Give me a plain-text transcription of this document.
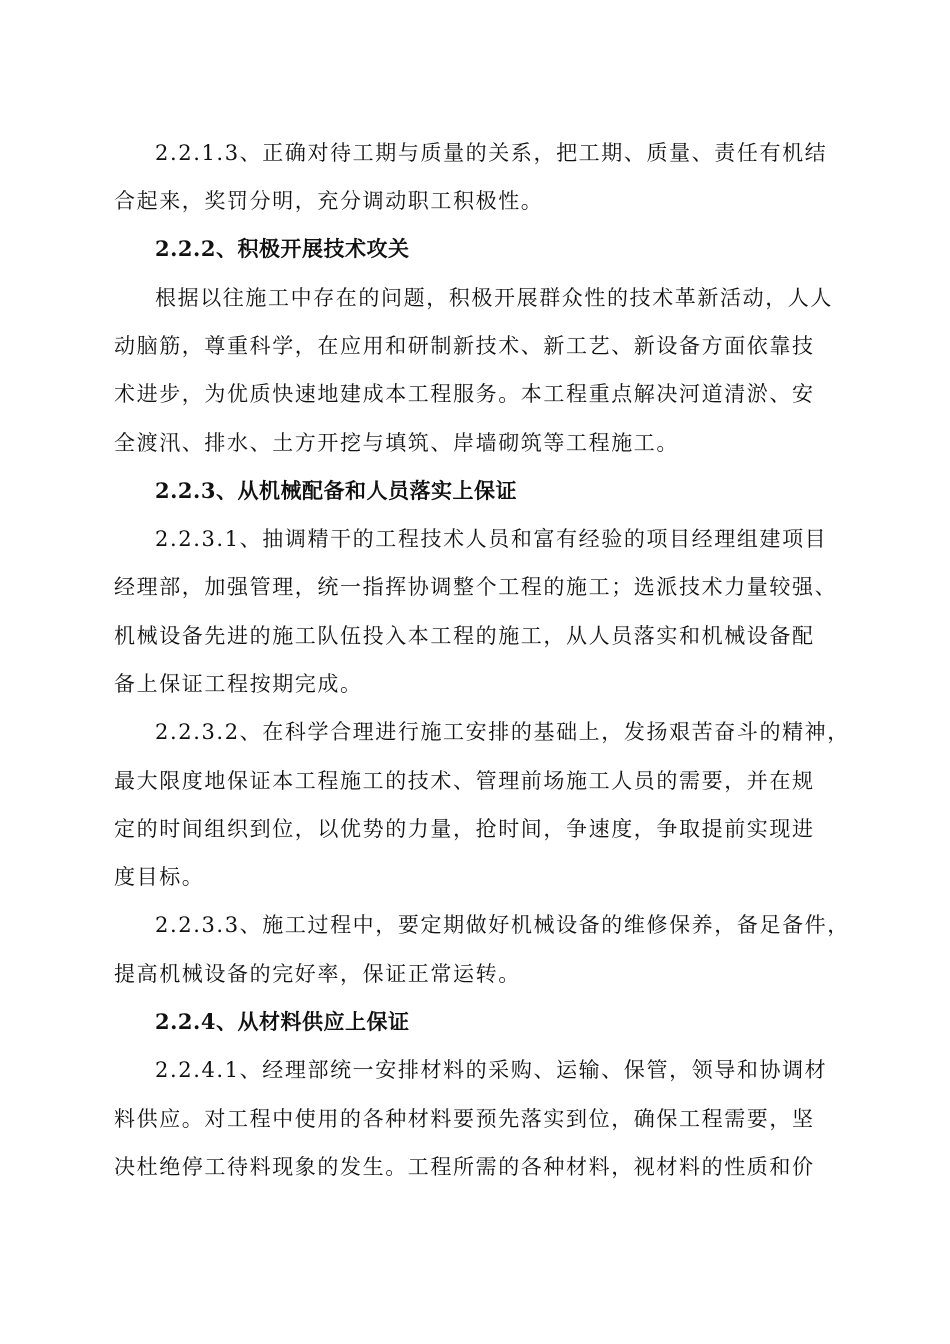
2.2.1.3、正确对待工期与质量的关系，把工期、质量、责任有机结
合起来，奖罚分明，充分调动职工积极性。
2.2.2、积极开展技术攻关
根据以往施工中存在的问题，积极开展群众性的技术革新活动，人人
动脑筋，尊重科学，在应用和研制新技术、新工艺、新设备方面依靠技
术进步，为优质快速地建成本工程服务。本工程重点解决河道清淤、安
全渡汛、排水、土方开挖与填筑、岸墙砌筑等工程施工。
2.2.3、从机械配备和人员落实上保证
2.2.3.1、抽调精干的工程技术人员和富有经验的项目经理组建项目
经理部，加强管理，统一指挥协调整个工程的施工；选派技术力量较强、
机械设备先进的施工队伍投入本工程的施工，从人员落实和机械设备配
备上保证工程按期完成。
2.2.3.2、在科学合理进行施工安排的基础上，发扬艰苦奋斗的精神，
最大限度地保证本工程施工的技术、管理前场施工人员的需要，并在规
定的时间组织到位，以优势的力量，抢时间，争速度，争取提前实现进
度目标。
2.2.3.3、施工过程中，要定期做好机械设备的维修保养，备足备件，
提高机械设备的完好率，保证正常运转。
2.2.4、从材料供应上保证
2.2.4.1、经理部统一安排材料的采购、运输、保管，领导和协调材
料供应。对工程中使用的各种材料要预先落实到位，确保工程需要，坚
决杜绝停工待料现象的发生。工程所需的各种材料，视材料的性质和价
